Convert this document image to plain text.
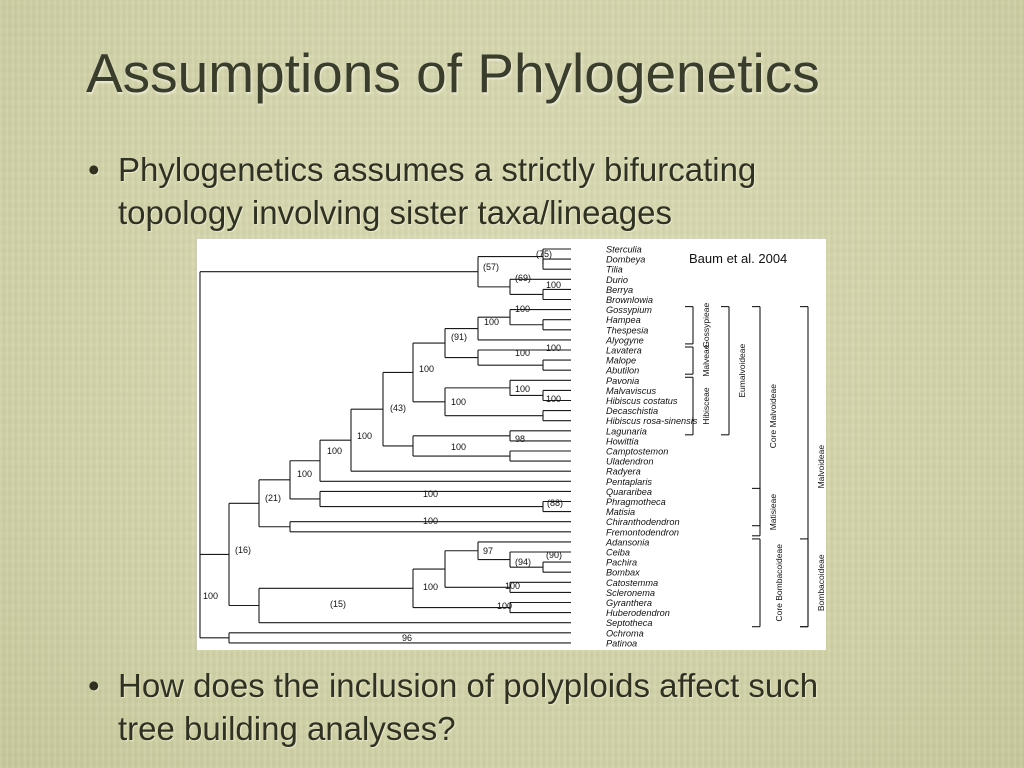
Assumptions of Phylogenetics
• Phylogenetics assumes a strictly bifurcating
topology involving sister taxa/lineages
Sterculia
Dombeya
Tilia
Durio
Berrya
Brownlowia
Gossypium
Hampea
Thespesia
Alyogyne
Lavatera
Malope
Abutilon
Pavonia
Malvaviscus
Hibiscus costatus
Decaschistia
Hibiscus rosa-sinensis
Lagunaria
Howittia
Camptostemon
Uladendron
Radyera
Pentaplaris
Quararibea
Phragmotheca
Matisia
Chiranthodendron
Fremontodendron
Adansonia
Ceiba
Pachira
Bombax
Catostemma
Scleronema
Gyranthera
Huberodendron
Septotheca
Ochroma
Patinoa
100
(16)
(21)
(15)
96
100
100
100
(43)
(91)
100
100
100
100 100
100
100
100
100
98
100
(88)
100
(57)
(75)
(69)
100
100
97
(94)
(90)
100
100
Baum et al. 2004
Gossypieae
Malveae
Hibisceae
Eumalvoideae
Core Malvoideae
Malvoideae
Matisieae
Core Bombacoideae	Bombacoideae
• How does the inclusion of polyploids affect such
tree building analyses?
